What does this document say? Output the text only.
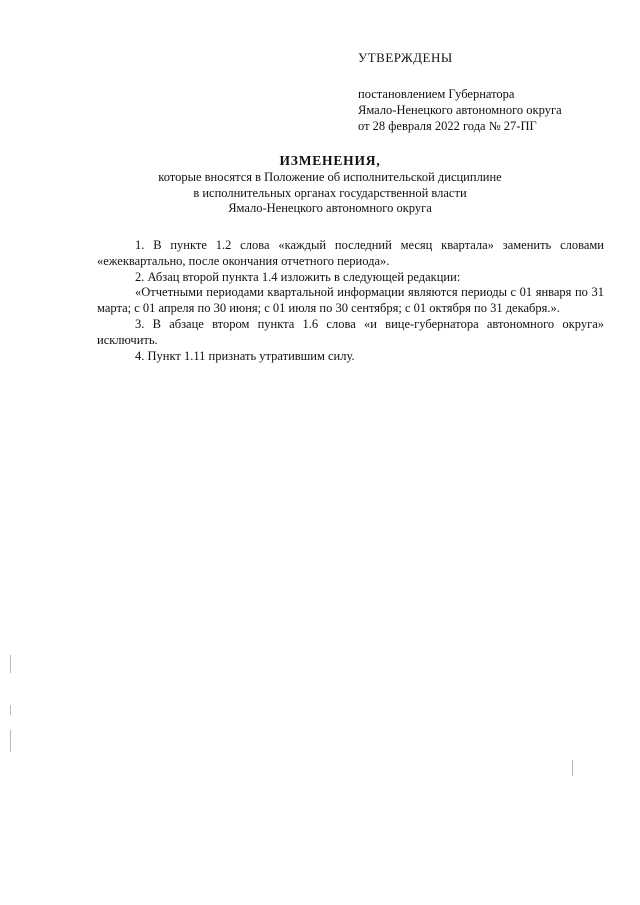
УТВЕРЖДЕНЫ

постановлением Губернатора

Ямало-Ненецкого автономного округа

от 28 февраля 2022 года № 27-ПГ

ИЗМЕНЕНИЯ,

которые вносятся в Положение об исполнительской дисциплине

в исполнительных органах государственной власти

Ямало-Ненецкого автономного округа

1. В пункте 1.2 слова «каждый последний месяц квартала» заменить словами «ежеквартально, после окончания отчетного периода».

2. Абзац второй пункта 1.4 изложить в следующей редакции:

«Отчетными периодами квартальной информации являются периоды с 01 января по 31 марта; с 01 апреля по 30 июня; с 01 июля по 30 сентября; с 01 октября по 31 декабря.».

3. В абзаце втором пункта 1.6 слова «и вице-губернатора автономного округа» исключить.

4. Пункт 1.11 признать утратившим силу.
